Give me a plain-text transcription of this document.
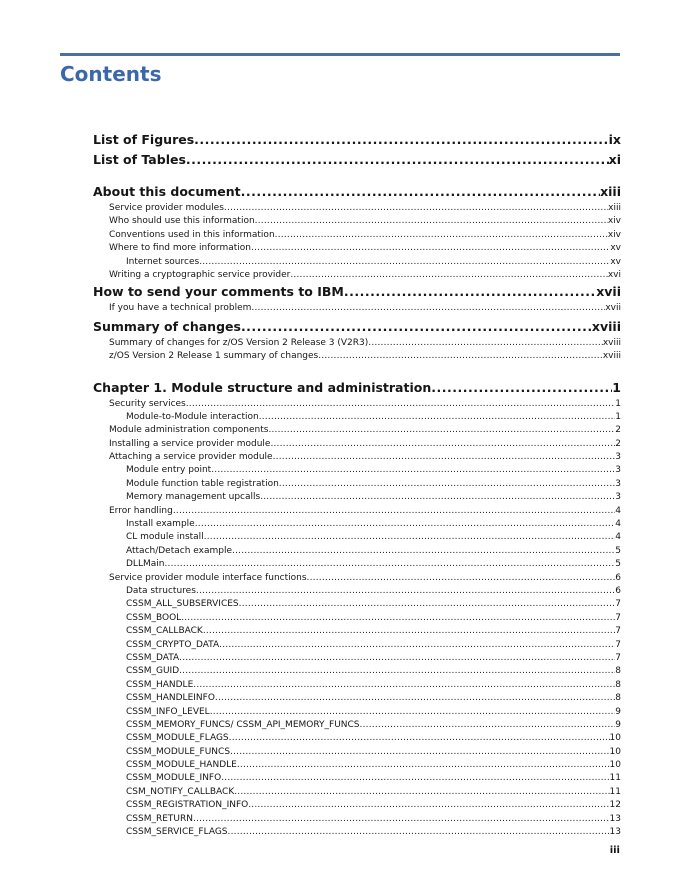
Contents
List of Figures .....	ix
List of Tables .....	xi
About this document .....	xiii
Service provider modules .....	xiii
Who should use this information .....	xiv
Conventions used in this information .....	xiv
Where to find more information .....	xv
Internet sources .....	xv
Writing a cryptographic service provider .....	xvi
How to send your comments to IBM .....	xvii
If you have a technical problem .....	xvii
Summary of changes .....	xviii
Summary of changes for z/OS Version 2 Release 3 (V2R3) .....	xviii
z/OS Version 2 Release 1 summary of changes .....	xviii
Chapter 1. Module structure and administration .....	1
Security services .....	1
Module-to-Module interaction .....	1
Module administration components .....	2
Installing a service provider module .....	2
Attaching a service provider module .....	3
Module entry point .....	3
Module function table registration .....	3
Memory management upcalls .....	3
Error handling .....	4
Install example .....	4
CL module install .....	4
Attach/Detach example .....	5
DLLMain .....	5
Service provider module interface functions .....	6
Data structures .....	6
CSSM_ALL_SUBSERVICES .....	7
CSSM_BOOL .....	7
CSSM_CALLBACK .....	7
CSSM_CRYPTO_DATA .....	7
CSSM_DATA .....	7
CSSM_GUID .....	8
CSSM_HANDLE .....	8
CSSM_HANDLEINFO .....	8
CSSM_INFO_LEVEL .....	9
CSSM_MEMORY_FUNCS/ CSSM_API_MEMORY_FUNCS .....	9
CSSM_MODULE_FLAGS .....	10
CSSM_MODULE_FUNCS .....	10
CSSM_MODULE_HANDLE .....	10
CSSM_MODULE_INFO .....	11
CSM_NOTIFY_CALLBACK .....	11
CSSM_REGISTRATION_INFO .....	12
CSSM_RETURN .....	13
CSSM_SERVICE_FLAGS .....	13
iii
